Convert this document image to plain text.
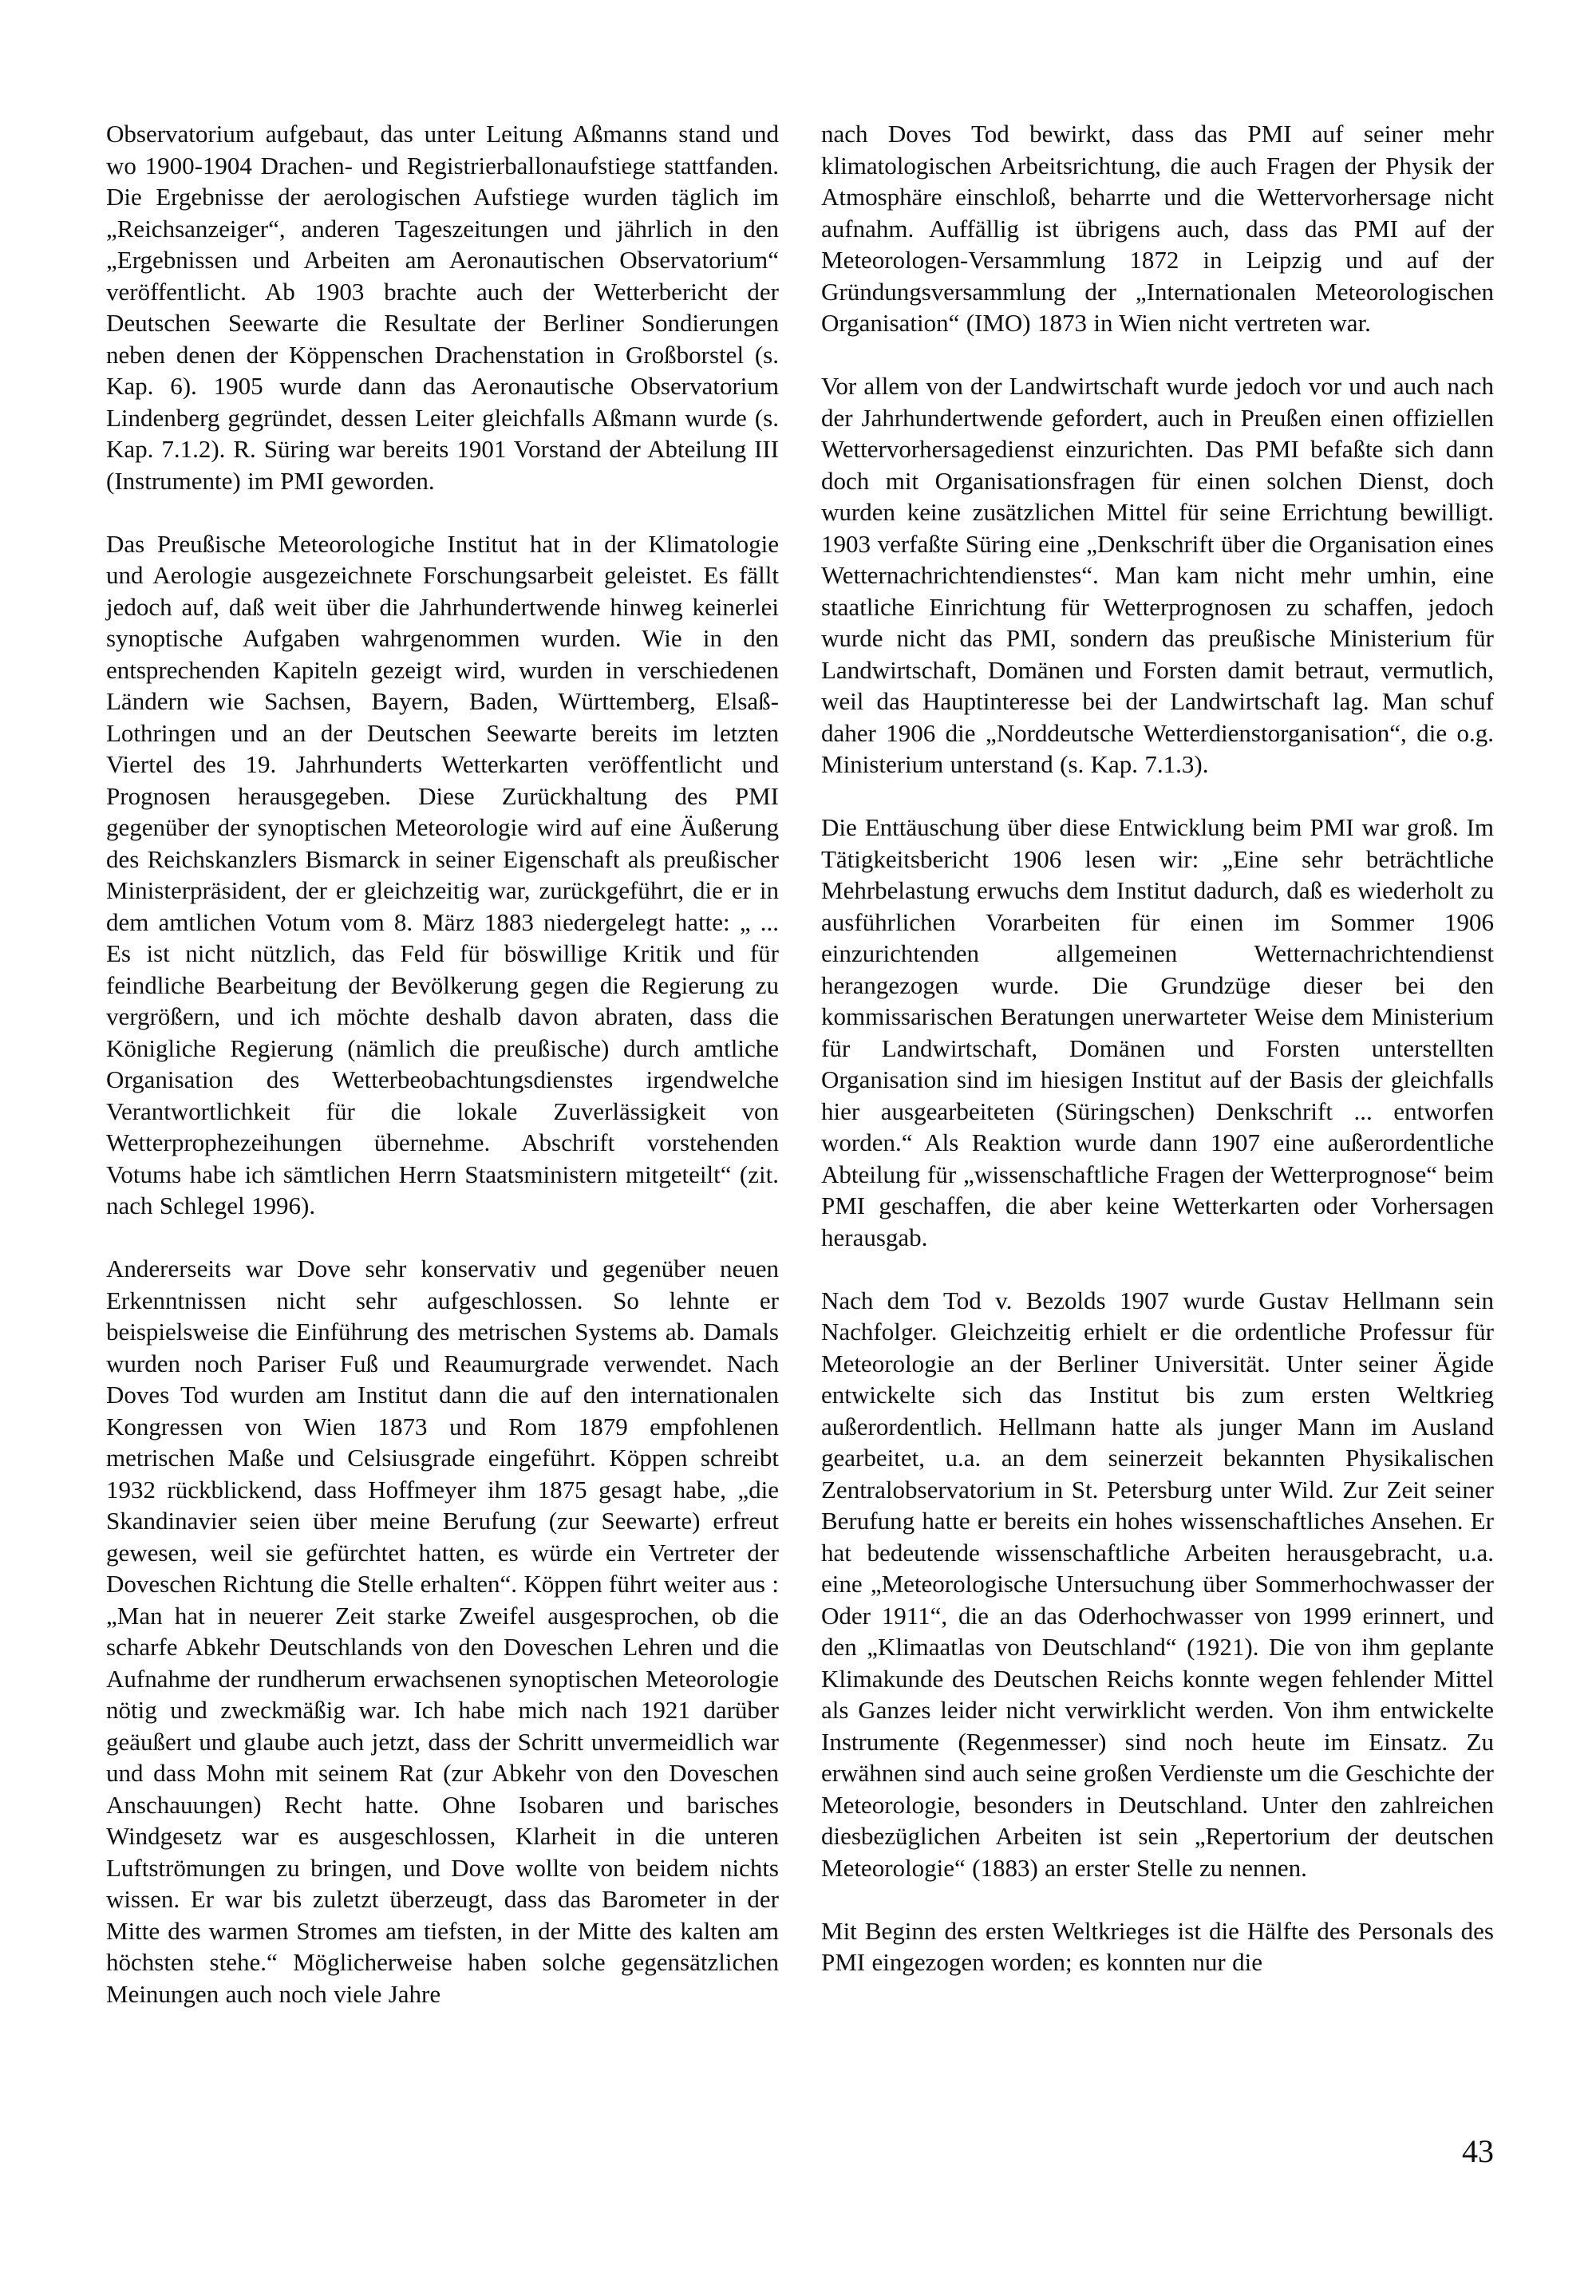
Observatorium aufgebaut, das unter Leitung Aßmanns stand und wo 1900-1904 Drachen- und Registrierballonaufstiege stattfanden. Die Ergebnisse der aerologischen Aufstiege wurden täglich im „Reichsanzeiger“, anderen Tageszeitungen und jährlich in den „Ergebnissen und Arbeiten am Aeronautischen Observatorium“ veröffentlicht. Ab 1903 brachte auch der Wetterbericht der Deutschen Seewarte die Resultate der Berliner Sondierungen neben denen der Köppenschen Drachenstation in Großborstel (s. Kap. 6). 1905 wurde dann das Aeronautische Observatorium Lindenberg gegründet, dessen Leiter gleichfalls Aßmann wurde (s. Kap. 7.1.2). R. Süring war bereits 1901 Vorstand der Abteilung III (Instrumente) im PMI geworden.

Das Preußische Meteorologiche Institut hat in der Klimatologie und Aerologie ausgezeichnete Forschungsarbeit geleistet. Es fällt jedoch auf, daß weit über die Jahrhundertwende hinweg keinerlei synoptische Aufgaben wahrgenommen wurden. Wie in den entsprechenden Kapiteln gezeigt wird, wurden in verschiedenen Ländern wie Sachsen, Bayern, Baden, Württemberg, Elsaß-Lothringen und an der Deutschen Seewarte bereits im letzten Viertel des 19. Jahrhunderts Wetterkarten veröffentlicht und Prognosen herausgegeben. Diese Zurückhaltung des PMI gegenüber der synoptischen Meteorologie wird auf eine Äußerung des Reichskanzlers Bismarck in seiner Eigenschaft als preußischer Ministerpräsident, der er gleichzeitig war, zurückgeführt, die er in dem amtlichen Votum vom 8. März 1883 niedergelegt hatte: „ ... Es ist nicht nützlich, das Feld für böswillige Kritik und für feindliche Bearbeitung der Bevölkerung gegen die Regierung zu vergrößern, und ich möchte deshalb davon abraten, dass die Königliche Regierung (nämlich die preußische) durch amtliche Organisation des Wetterbeobachtungsdienstes irgendwelche Verantwortlichkeit für die lokale Zuverlässigkeit von Wetterprophezeihungen übernehme. Abschrift vorstehenden Votums habe ich sämtlichen Herrn Staatsministern mitgeteilt“ (zit. nach Schlegel 1996).

Andererseits war Dove sehr konservativ und gegenüber neuen Erkenntnissen nicht sehr aufgeschlossen. So lehnte er beispielsweise die Einführung des metrischen Systems ab. Damals wurden noch Pariser Fuß und Reaumurgrade verwendet. Nach Doves Tod wurden am Institut dann die auf den internationalen Kongressen von Wien 1873 und Rom 1879 empfohlenen metrischen Maße und Celsiusgrade eingeführt. Köppen schreibt 1932 rückblickend, dass Hoffmeyer ihm 1875 gesagt habe, „die Skandinavier seien über meine Berufung (zur Seewarte) erfreut gewesen, weil sie gefürchtet hatten, es würde ein Vertreter der Doveschen Richtung die Stelle erhalten“. Köppen führt weiter aus : „Man hat in neuerer Zeit starke Zweifel ausgesprochen, ob die scharfe Abkehr Deutschlands von den Doveschen Lehren und die Aufnahme der rundherum erwachsenen synoptischen Meteorologie nötig und zweckmäßig war. Ich habe mich nach 1921 darüber geäußert und glaube auch jetzt, dass der Schritt unvermeidlich war und dass Mohn mit seinem Rat (zur Abkehr von den Doveschen Anschauungen) Recht hatte. Ohne Isobaren und barisches Windgesetz war es ausgeschlossen, Klarheit in die unteren Luftströmungen zu bringen, und Dove wollte von beidem nichts wissen. Er war bis zuletzt überzeugt, dass das Barometer in der Mitte des warmen Stromes am tiefsten, in der Mitte des kalten am höchsten stehe.“ Möglicherweise haben solche gegensätzlichen Meinungen auch noch viele Jahre

nach Doves Tod bewirkt, dass das PMI auf seiner mehr klimatologischen Arbeitsrichtung, die auch Fragen der Physik der Atmosphäre einschloß, beharrte und die Wettervorhersage nicht aufnahm. Auffällig ist übrigens auch, dass das PMI auf der Meteorologen-Versammlung 1872 in Leipzig und auf der Gründungsversammlung der „Internationalen Meteorologischen Organisation“ (IMO) 1873 in Wien nicht vertreten war.

Vor allem von der Landwirtschaft wurde jedoch vor und auch nach der Jahrhundertwende gefordert, auch in Preußen einen offiziellen Wettervorhersagedienst einzurichten. Das PMI befaßte sich dann doch mit Organisationsfragen für einen solchen Dienst, doch wurden keine zusätzlichen Mittel für seine Errichtung bewilligt. 1903 verfaßte Süring eine „Denkschrift über die Organisation eines Wetternachrichtendienstes“. Man kam nicht mehr umhin, eine staatliche Einrichtung für Wetterprognosen zu schaffen, jedoch wurde nicht das PMI, sondern das preußische Ministerium für Landwirtschaft, Domänen und Forsten damit betraut, vermutlich, weil das Hauptinteresse bei der Landwirtschaft lag. Man schuf daher 1906 die „Norddeutsche Wetterdienstorganisation“, die o.g. Ministerium unterstand (s. Kap. 7.1.3).

Die Enttäuschung über diese Entwicklung beim PMI war groß. Im Tätigkeitsbericht 1906 lesen wir: „Eine sehr beträchtliche Mehrbelastung erwuchs dem Institut dadurch, daß es wiederholt zu ausführlichen Vorarbeiten für einen im Sommer 1906 einzurichtenden allgemeinen Wetternachrichtendienst herangezogen wurde. Die Grundzüge dieser bei den kommissarischen Beratungen unerwarteter Weise dem Ministerium für Landwirtschaft, Domänen und Forsten unterstellten Organisation sind im hiesigen Institut auf der Basis der gleichfalls hier ausgearbeiteten (Süringschen) Denkschrift ... entworfen worden.“ Als Reaktion wurde dann 1907 eine außerordentliche Abteilung für „wissenschaftliche Fragen der Wetterprognose“ beim PMI geschaffen, die aber keine Wetterkarten oder Vorhersagen herausgab.

Nach dem Tod v. Bezolds 1907 wurde Gustav Hellmann sein Nachfolger. Gleichzeitig erhielt er die ordentliche Professur für Meteorologie an der Berliner Universität. Unter seiner Ägide entwickelte sich das Institut bis zum ersten Weltkrieg außerordentlich. Hellmann hatte als junger Mann im Ausland gearbeitet, u.a. an dem seinerzeit bekannten Physikalischen Zentralobservatorium in St. Petersburg unter Wild. Zur Zeit seiner Berufung hatte er bereits ein hohes wissenschaftliches Ansehen. Er hat bedeutende wissenschaftliche Arbeiten herausgebracht, u.a. eine „Meteorologische Untersuchung über Sommerhochwasser der Oder 1911“, die an das Oderhochwasser von 1999 erinnert, und den „Klimaatlas von Deutschland“ (1921). Die von ihm geplante Klimakunde des Deutschen Reichs konnte wegen fehlender Mittel als Ganzes leider nicht verwirklicht werden. Von ihm entwickelte Instrumente (Regenmesser) sind noch heute im Einsatz. Zu erwähnen sind auch seine großen Verdienste um die Geschichte der Meteorologie, besonders in Deutschland. Unter den zahlreichen diesbezüglichen Arbeiten ist sein „Repertorium der deutschen Meteorologie“ (1883) an erster Stelle zu nennen.

Mit Beginn des ersten Weltkrieges ist die Hälfte des Personals des PMI eingezogen worden; es konnten nur die

43
